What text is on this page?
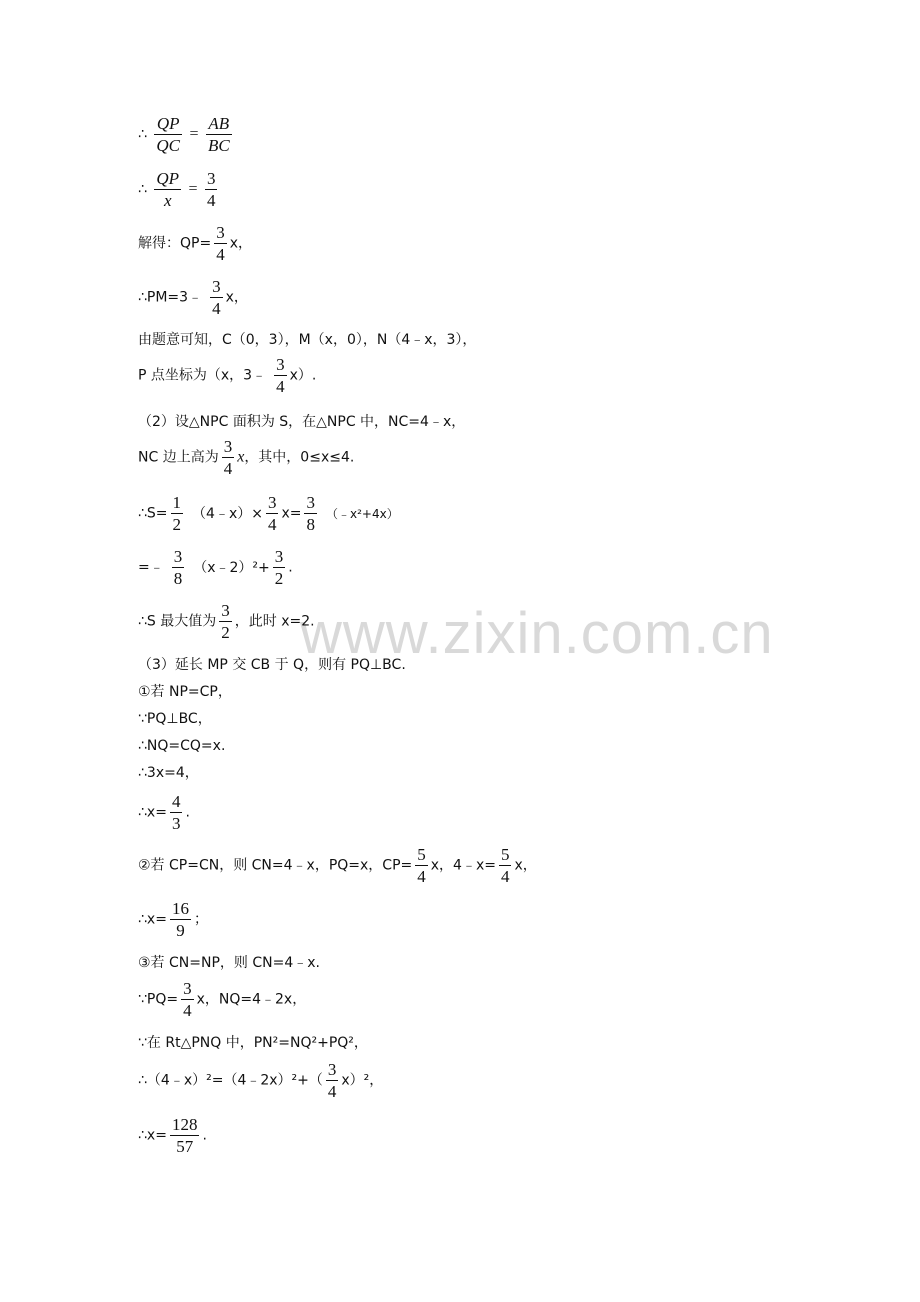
www.zixin.com.cn
∴ $\frac{QP}{QC} = \frac{AB}{BC}$
∴ $\frac{QP}{x} = \frac{3}{4}$
解得：$QP= \frac{3}{4}$ x，
∴PM=3﹣ $\frac{3}{4}$ x，
由题意可知，C（0，3），M（x，0），N（4﹣x，3），
P 点坐标为（x，3﹣ $\frac{3}{4} x$）.
（2）设△NPC 面积为 S，在△NPC 中，NC=4﹣x，
NC 边上高为 $\frac{3}{4}$ x，其中，0≤x≤4.
∴S= $\frac{1}{2}$ （4﹣x）× $\frac{3}{4} x= \frac{3}{8}$ （﹣x²+4x）
=﹣ $\frac{3}{8}$ （x﹣2）²+ $\frac{3}{2}$ .
∴S 最大值为 $\frac{3}{2}$ ，此时 x=2.
（3）延长 MP 交 CB 于 Q，则有 PQ⊥BC.
①若 NP=CP，
∵PQ⊥BC，
∴NQ=CQ=x.
∴3x=4，
∴x= $\frac{4}{3}$ .
②若 CP=CN，则 CN=4﹣x，PQ=x，$CP= \frac{5}{4}$ x，4﹣x= $\frac{5}{4}$ x，
∴x= $\frac{16}{9}$ ；
③若 CN=NP，则 CN=4﹣x.
∵PQ= $\frac{3}{4}$ x，NQ=4﹣2x，
∵在 Rt△PNQ 中，PN²=NQ²+PQ²，
∴（4﹣x）²=（4﹣2x）²+（ $\frac{3}{4} x)^2$，
∴x= $\frac{128}{57}$ .
